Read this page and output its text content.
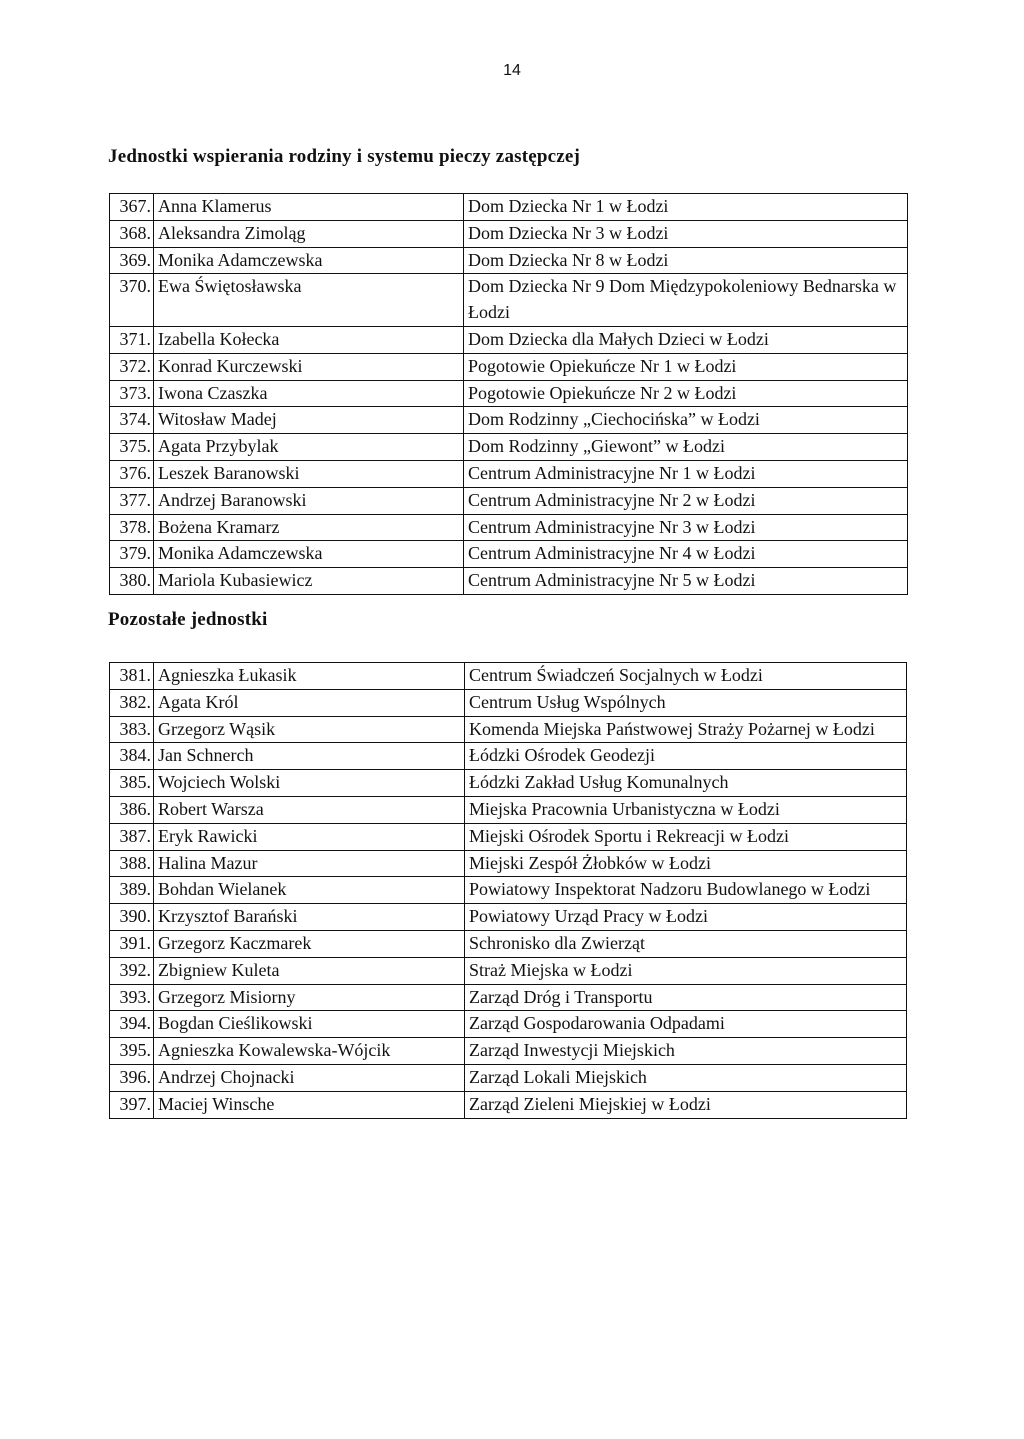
14
Jednostki wspierania rodziny i systemu pieczy zastępczej
367.	Anna Klamerus	Dom Dziecka Nr 1 w Łodzi
368.	Aleksandra Zimoląg	Dom Dziecka Nr 3 w Łodzi
369.	Monika Adamczewska	Dom Dziecka Nr 8 w Łodzi
370.	Ewa Świętosławska	Dom Dziecka Nr 9 Dom Międzypokoleniowy Bednarska w Łodzi
371.	Izabella Kołecka	Dom Dziecka dla Małych Dzieci w Łodzi
372.	Konrad Kurczewski	Pogotowie Opiekuńcze Nr 1 w Łodzi
373.	Iwona Czaszka	Pogotowie Opiekuńcze Nr 2 w Łodzi
374.	Witosław Madej	Dom Rodzinny „Ciechocińska” w Łodzi
375.	Agata Przybylak	Dom Rodzinny „Giewont” w Łodzi
376.	Leszek Baranowski	Centrum Administracyjne Nr 1 w Łodzi
377.	Andrzej Baranowski	Centrum Administracyjne Nr 2 w Łodzi
378.	Bożena Kramarz	Centrum Administracyjne Nr 3 w Łodzi
379.	Monika Adamczewska	Centrum Administracyjne Nr 4 w Łodzi
380.	Mariola Kubasiewicz	Centrum Administracyjne Nr 5 w Łodzi
Pozostałe jednostki
381.	Agnieszka Łukasik	Centrum Świadczeń Socjalnych w Łodzi
382.	Agata Król	Centrum Usług Wspólnych
383.	Grzegorz Wąsik	Komenda Miejska Państwowej Straży Pożarnej w Łodzi
384.	Jan Schnerch	Łódzki Ośrodek Geodezji
385.	Wojciech Wolski	Łódzki Zakład Usług Komunalnych
386.	Robert Warsza	Miejska Pracownia Urbanistyczna w Łodzi
387.	Eryk Rawicki	Miejski Ośrodek Sportu i Rekreacji w Łodzi
388.	Halina Mazur	Miejski Zespół Żłobków w Łodzi
389.	Bohdan Wielanek	Powiatowy Inspektorat Nadzoru Budowlanego w Łodzi
390.	Krzysztof Barański	Powiatowy Urząd Pracy w Łodzi
391.	Grzegorz Kaczmarek	Schronisko dla Zwierząt
392.	Zbigniew Kuleta	Straż Miejska w Łodzi
393.	Grzegorz Misiorny	Zarząd Dróg i Transportu
394.	Bogdan Cieślikowski	Zarząd Gospodarowania Odpadami
395.	Agnieszka Kowalewska-Wójcik	Zarząd Inwestycji Miejskich
396.	Andrzej Chojnacki	Zarząd Lokali Miejskich
397.	Maciej Winsche	Zarząd Zieleni Miejskiej w Łodzi
